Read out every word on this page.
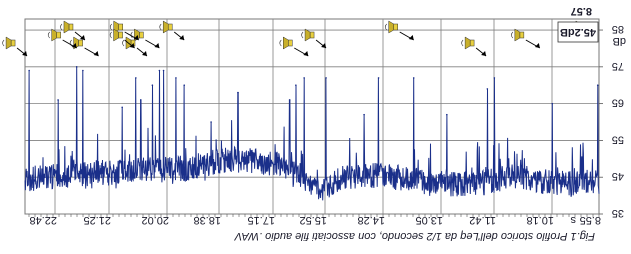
8.55
s
10.18
11.42
13.05
14.28
15.52
17.15
18.38
20.02
21.25
22.48
35
45
55
65
75
85
Fig.1 Profilo storico dell'Leq da 1/2 secondo, con associati file audio .WAV
dB
45.2dB
8.57
